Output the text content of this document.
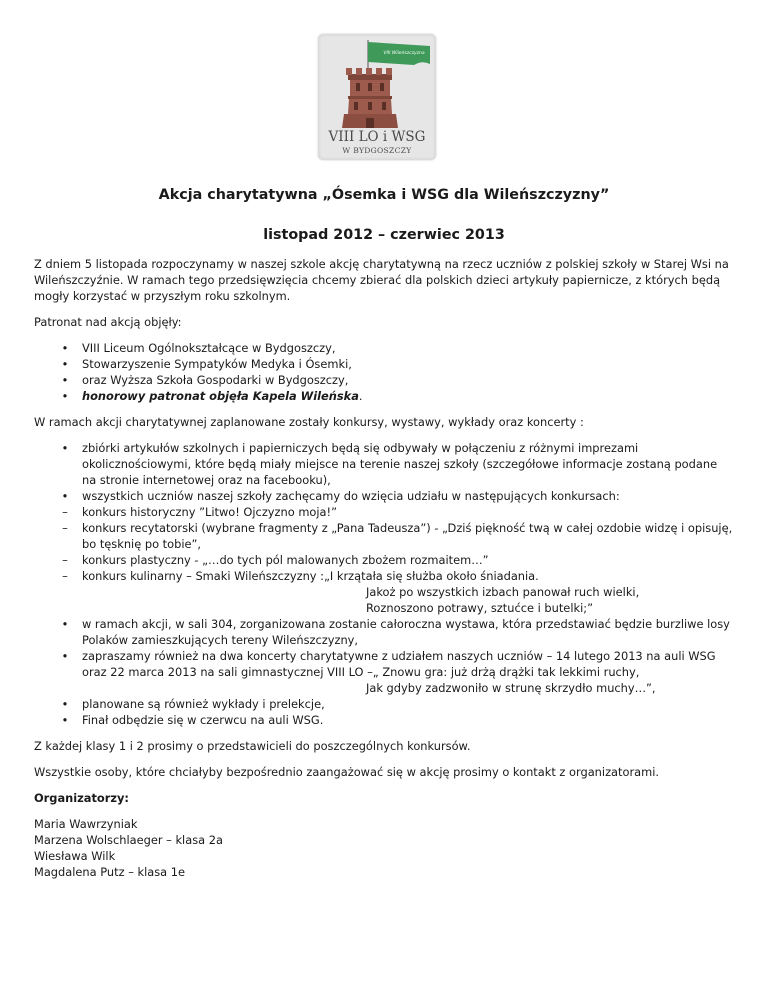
VIII LO i WSG
W BYDGOSZCZY
VIII Wileńszczyzna
Akcja charytatywna „Ósemka i WSG dla Wileńszczyzny”
listopad 2012 – czerwiec 2013

Z dniem 5 listopada rozpoczynamy w naszej szkole akcję charytatywną na rzecz uczniów z polskiej szkoły w Starej Wsi na Wileńszczyźnie. W ramach tego przedsięwzięcia chcemy zbierać dla polskich dzieci artykuły papiernicze, z których będą mogły korzystać w przyszłym roku szkolnym.

Patronat nad akcją objęły:

• VIII Liceum Ogólnokształcące w Bydgoszczy,
• Stowarzyszenie Sympatyków Medyka i Ósemki,
• oraz Wyższa Szkoła Gospodarki w Bydgoszczy,
• honorowy patronat objęła Kapela Wileńska.

W ramach akcji charytatywnej zaplanowane zostały konkursy, wystawy, wykłady oraz koncerty :

• zbiórki artykułów szkolnych i papierniczych będą się odbywały w połączeniu z różnymi imprezami okolicznościowymi, które będą miały miejsce na terenie naszej szkoły (szczegółowe informacje zostaną podane na stronie internetowej oraz na facebooku),
• wszystkich uczniów naszej szkoły zachęcamy do wzięcia udziału w następujących konkursach:
– konkurs historyczny ”Litwo! Ojczyzno moja!”
– konkurs recytatorski (wybrane fragmenty z „Pana Tadeusza”) - „Dziś piękność twą w całej ozdobie widzę i opisuję, bo tęsknię po tobie”,
– konkurs plastyczny - „…do tych pól malowanych zbożem rozmaitem…”
– konkurs kulinarny – Smaki Wileńszczyzny :„I krzątała się służba około śniadania.
Jakoż po wszystkich izbach panował ruch wielki,
Roznoszono potrawy, sztućce i butelki;”
• w ramach akcji, w sali 304, zorganizowana zostanie całoroczna wystawa, która przedstawiać będzie burzliwe losy Polaków zamieszkujących tereny Wileńszczyzny,
• zapraszamy również na dwa koncerty charytatywne z udziałem naszych uczniów – 14 lutego 2013 na auli WSG oraz 22 marca 2013 na sali gimnastycznej VIII LO –„ Znowu gra: już drżą drążki tak lekkimi ruchy,
Jak gdyby zadzwoniło w strunę skrzydło muchy…”,
• planowane są również wykłady i prelekcje,
• Finał odbędzie się w czerwcu na auli WSG.

Z każdej klasy 1 i 2 prosimy o przedstawicieli do poszczególnych konkursów.

Wszystkie osoby, które chciałyby bezpośrednio zaangażować się w akcję prosimy o kontakt z organizatorami.

Organizatorzy:

Maria Wawrzyniak

Marzena Wolschlaeger – klasa 2a

Wiesława Wilk

Magdalena Putz – klasa 1e
